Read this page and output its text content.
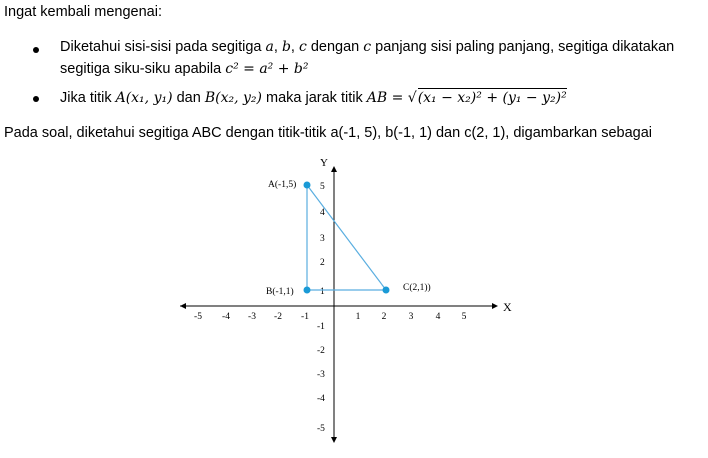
Ingat kembali mengenai:
Diketahui sisi-sisi pada segitiga a, b, c dengan c panjang sisi paling panjang, segitiga dikatakan
segitiga siku-siku apabila c² = a² + b²
Jika titik A(x₁, y₁) dan B(x₂, y₂) maka jarak titik AB = √(x₁ − x₂)² + (y₁ − y₂)²
Pada soal, diketahui segitiga ABC dengan titik-titik a(-1, 5), b(-1, 1) dan c(2, 1), digambarkan sebagai
X
Y
-5 -4 -3 -2 -1	1 2 3 4 5
1
2
3
4
5
-1
-2
-3
-4
-5
A(-1,5)
B(-1,1)	C(2,1))
